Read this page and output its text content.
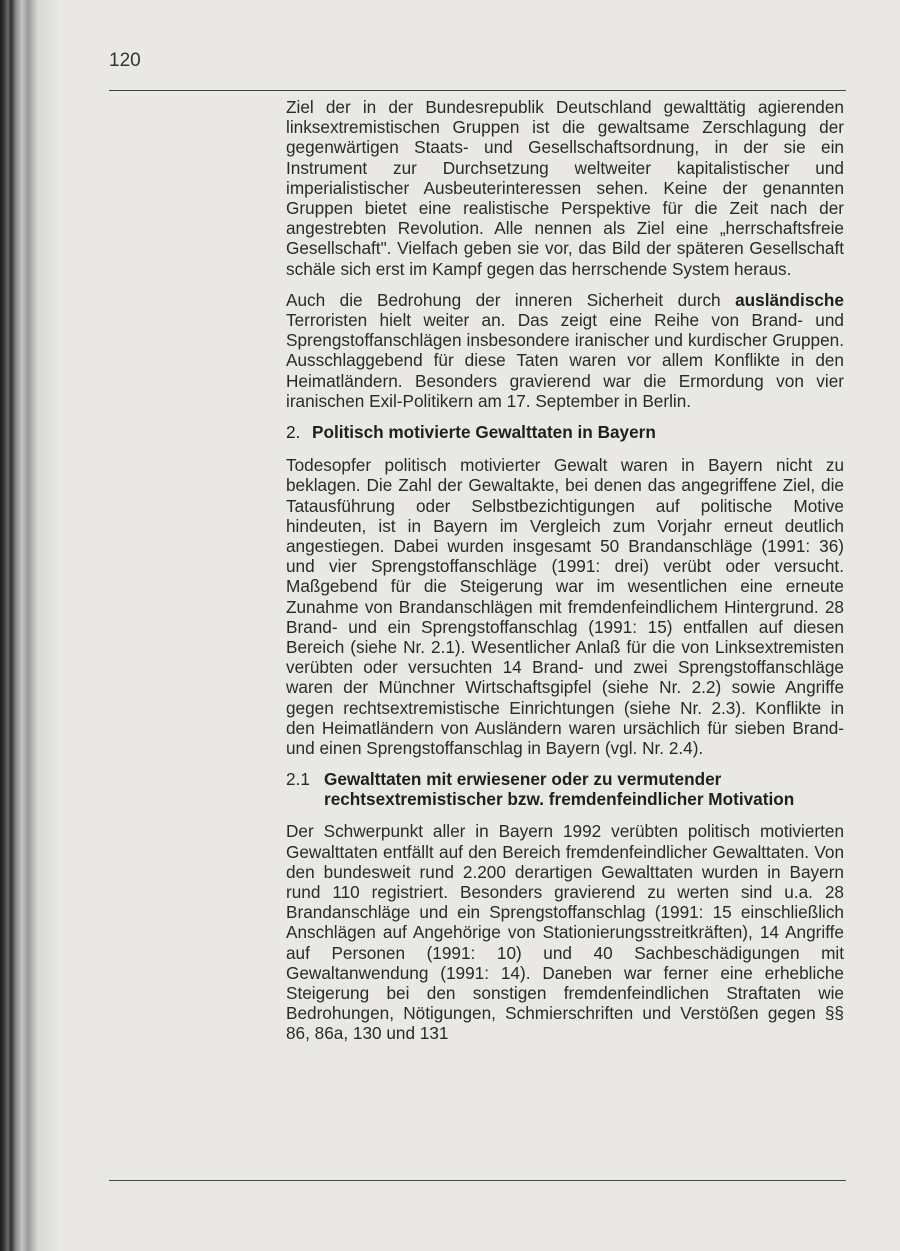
120

Ziel der in der Bundesrepublik Deutschland gewalttätig agierenden linksextremistischen Gruppen ist die gewaltsame Zerschlagung der gegenwärtigen Staats- und Gesellschaftsordnung, in der sie ein Instrument zur Durchsetzung weltweiter kapitalistischer und imperialistischer Ausbeuterinteressen sehen. Keine der genannten Gruppen bietet eine realistische Perspektive für die Zeit nach der angestrebten Revolution. Alle nennen als Ziel eine „herrschaftsfreie Gesellschaft". Vielfach geben sie vor, das Bild der späteren Gesellschaft schäle sich erst im Kampf gegen das herrschende System heraus.

Auch die Bedrohung der inneren Sicherheit durch ausländische Terroristen hielt weiter an. Das zeigt eine Reihe von Brand- und Sprengstoffanschlägen insbesondere iranischer und kurdischer Gruppen. Ausschlaggebend für diese Taten waren vor allem Konflikte in den Heimatländern. Besonders gravierend war die Ermordung von vier iranischen Exil-Politikern am 17. September in Berlin.

2. Politisch motivierte Gewalttaten in Bayern

Todesopfer politisch motivierter Gewalt waren in Bayern nicht zu beklagen. Die Zahl der Gewaltakte, bei denen das angegriffene Ziel, die Tatausführung oder Selbstbezichtigungen auf politische Motive hindeuten, ist in Bayern im Vergleich zum Vorjahr erneut deutlich angestiegen. Dabei wurden insgesamt 50 Brandanschläge (1991: 36) und vier Sprengstoffanschläge (1991: drei) verübt oder versucht. Maßgebend für die Steigerung war im wesentlichen eine erneute Zunahme von Brandanschlägen mit fremdenfeindlichem Hintergrund. 28 Brand- und ein Sprengstoffanschlag (1991: 15) entfallen auf diesen Bereich (siehe Nr. 2.1). Wesentlicher Anlaß für die von Linksextremisten verübten oder versuchten 14 Brand- und zwei Sprengstoffanschläge waren der Münchner Wirtschaftsgipfel (siehe Nr. 2.2) sowie Angriffe gegen rechtsextremistische Einrichtungen (siehe Nr. 2.3). Konflikte in den Heimatländern von Ausländern waren ursächlich für sieben Brand- und einen Sprengstoffanschlag in Bayern (vgl. Nr. 2.4).

2.1 Gewalttaten mit erwiesener oder zu vermutender rechtsextremistischer bzw. fremdenfeindlicher Motivation

Der Schwerpunkt aller in Bayern 1992 verübten politisch motivierten Gewalttaten entfällt auf den Bereich fremdenfeindlicher Gewalttaten. Von den bundesweit rund 2.200 derartigen Gewalttaten wurden in Bayern rund 110 registriert. Besonders gravierend zu werten sind u.a. 28 Brandanschläge und ein Sprengstoffanschlag (1991: 15 einschließlich Anschlägen auf Angehörige von Stationierungsstreitkräften), 14 Angriffe auf Personen (1991: 10) und 40 Sachbeschädigungen mit Gewaltanwendung (1991: 14). Daneben war ferner eine erhebliche Steigerung bei den sonstigen fremdenfeindlichen Straftaten wie Bedrohungen, Nötigungen, Schmierschriften und Verstößen gegen §§ 86, 86a, 130 und 131
